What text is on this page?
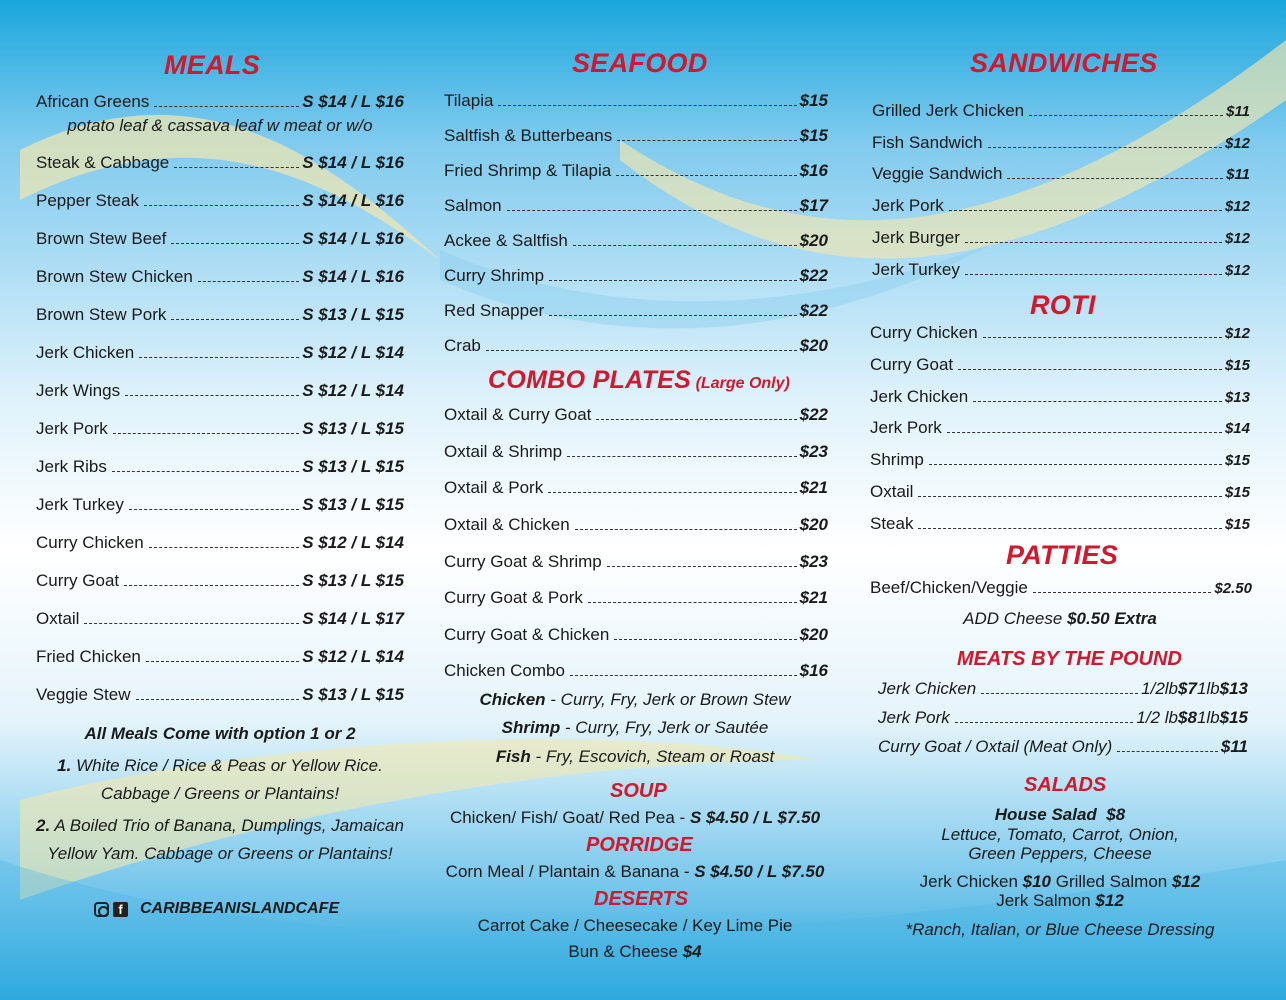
MEALS
African Greens	S $14 / L $16
Steak & Cabbage	S $14 / L $16
Pepper Steak	S $14 / L $16
Brown Stew Beef	S $14 / L $16
Brown Stew Chicken	S $14 / L $16
Brown Stew Pork	S $13 / L $15
Jerk Chicken	S $12 / L $14
Jerk Wings	S $12 / L $14
Jerk Pork	S $13 / L $15
Jerk Ribs	S $13 / L $15
Jerk Turkey	S $13 / L $15
Curry Chicken	S $12 / L $14
Curry Goat	S $13 / L $15
Oxtail	S $14 / L $17
Fried Chicken	S $12 / L $14
Veggie Stew	S $13 / L $15
potato leaf & cassava leaf w meat or w/o
All Meals Come with option 1 or 2
1. White Rice / Rice & Peas or Yellow Rice.
Cabbage / Greens or Plantains!
2. A Boiled Trio of Banana, Dumplings, Jamaican
Yellow Yam. Cabbage or Greens or Plantains!
f	CARIBBEANISLANDCAFE
SEAFOOD
Tilapia	$15
Saltfish & Butterbeans	$15
Fried Shrimp & Tilapia	$16
Salmon	$17
Ackee & Saltfish	$20
Curry Shrimp	$22
Red Snapper	$22
Crab	$20
COMBO PLATES (Large Only)
Oxtail & Curry Goat	$22
Oxtail & Shrimp	$23
Oxtail & Pork	$21
Oxtail & Chicken	$20
Curry Goat & Shrimp	$23
Curry Goat & Pork	$21
Curry Goat & Chicken	$20
Chicken Combo	$16
Chicken - Curry, Fry, Jerk or Brown Stew
Shrimp - Curry, Fry, Jerk or Sautée
Fish - Fry, Escovich, Steam or Roast
SOUP
Chicken/ Fish/ Goat/ Red Pea - S $4.50 / L $7.50
PORRIDGE
Corn Meal / Plantain & Banana - S $4.50 / L $7.50
DESERTS
Carrot Cake / Cheesecake / Key Lime Pie
Bun & Cheese $4
SANDWICHES
Grilled Jerk Chicken	$11
Fish Sandwich	$12
Veggie Sandwich	$11
Jerk Pork	$12
Jerk Burger	$12
Jerk Turkey	$12
ROTI
Curry Chicken	$12
Curry Goat	$15
Jerk Chicken	$13
Jerk Pork	$14
Shrimp	$15
Oxtail	$15
Steak	$15
PATTIES
Beef/Chicken/Veggie	$2.50
ADD Cheese $0.50 Extra
MEATS BY THE POUND
Jerk Chicken	1/2lb $7 1lb $13
Jerk Pork	1/2 lb $8 1lb $15
Curry Goat / Oxtail (Meat Only)	$11
SALADS
House Salad $8
Lettuce, Tomato, Carrot, Onion,
Green Peppers, Cheese
Jerk Chicken $10 Grilled Salmon $12
Jerk Salmon $12
*Ranch, Italian, or Blue Cheese Dressing
